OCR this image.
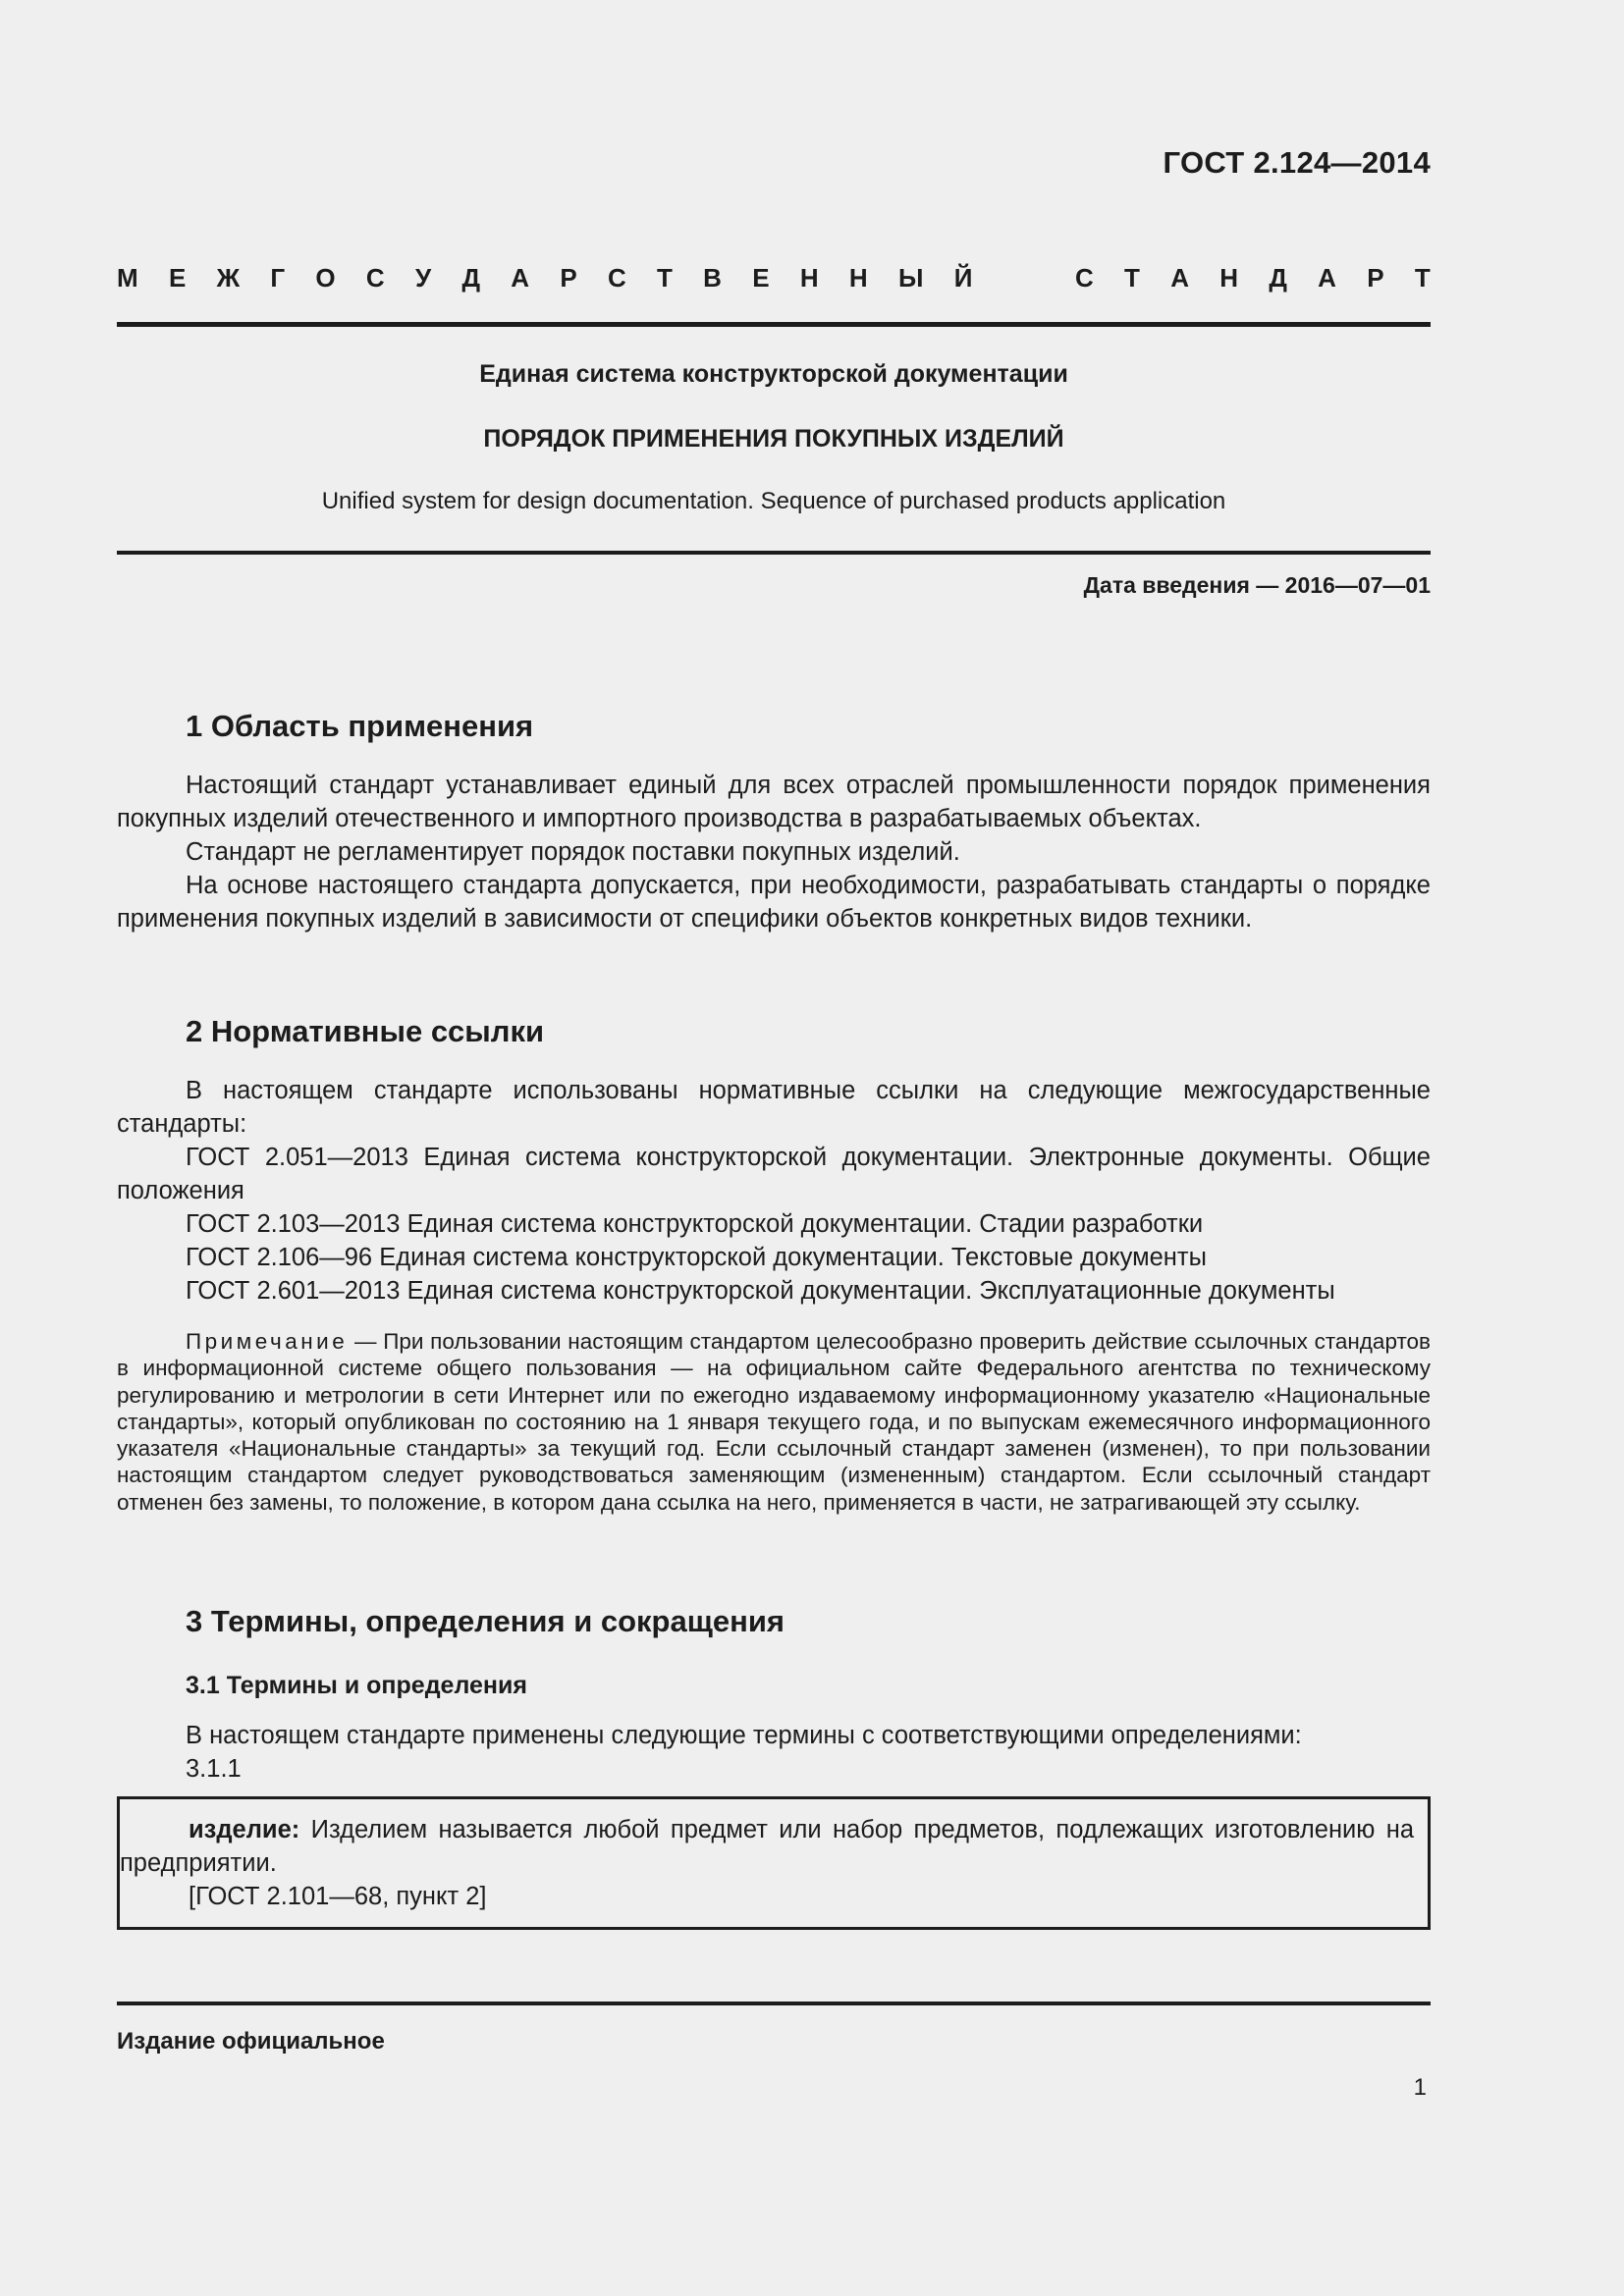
ГОСТ 2.124—2014
М Е Ж Г О С У Д А Р С Т В Е Н Н Ы Й	С Т А Н Д А Р Т
Единая система конструкторской документации
ПОРЯДОК ПРИМЕНЕНИЯ ПОКУПНЫХ ИЗДЕЛИЙ
Unified system for design documentation. Sequence of purchased products application
Дата введения — 2016—07—01
1 Область применения

Настоящий стандарт устанавливает единый для всех отраслей промышленности порядок применения покупных изделий отечественного и импортного производства в разрабатываемых объектах.

Стандарт не регламентирует порядок поставки покупных изделий.

На основе настоящего стандарта допускается, при необходимости, разрабатывать стандарты о порядке применения покупных изделий в зависимости от специфики объектов конкретных видов техники.

2 Нормативные ссылки

В настоящем стандарте использованы нормативные ссылки на следующие межгосударственные стандарты:

ГОСТ 2.051—2013 Единая система конструкторской документации. Электронные документы. Общие положения

ГОСТ 2.103—2013 Единая система конструкторской документации. Стадии разработки

ГОСТ 2.106—96 Единая система конструкторской документации. Текстовые документы

ГОСТ 2.601—2013 Единая система конструкторской документации. Эксплуатационные документы

Примечание — При пользовании настоящим стандартом целесообразно проверить действие ссылочных стандартов в информационной системе общего пользования — на официальном сайте Федерального агентства по техническому регулированию и метрологии в сети Интернет или по ежегодно издаваемому информационному указателю «Национальные стандарты», который опубликован по состоянию на 1 января текущего года, и по выпускам ежемесячного информационного указателя «Национальные стандарты» за текущий год. Если ссылочный стандарт заменен (изменен), то при пользовании настоящим стандартом следует руководствоваться заменяющим (измененным) стандартом. Если ссылочный стандарт отменен без замены, то положение, в котором дана ссылка на него, применяется в части, не затрагивающей эту ссылку.

3 Термины, определения и сокращения
3.1 Термины и определения

В настоящем стандарте применены следующие термины с соответствующими определениями:

3.1.1

изделие: Изделием называется любой предмет или набор предметов, подлежащих изготовлению на предприятии.

[ГОСТ 2.101—68, пункт 2]

Издание официальное
1
